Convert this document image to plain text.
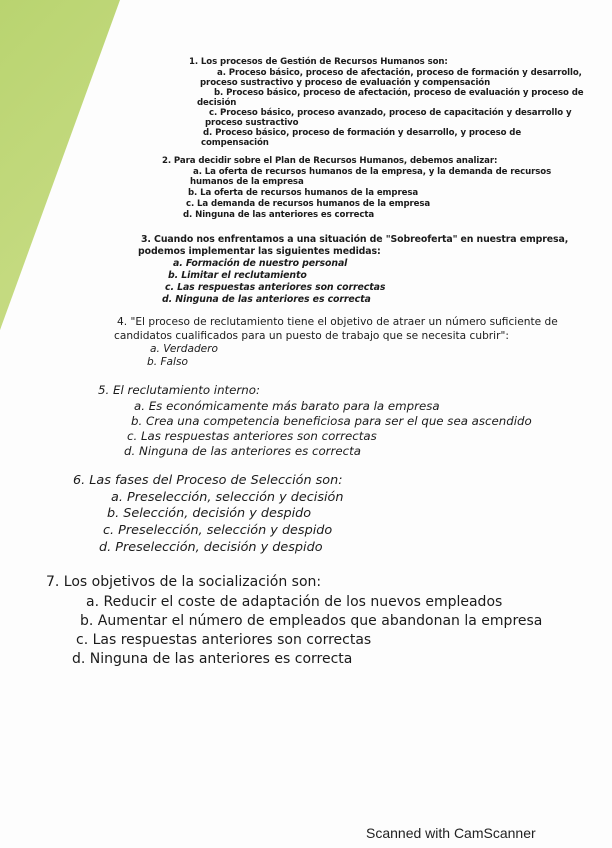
1. Los procesos de Gestión de Recursos Humanos son:
a. Proceso básico, proceso de afectación, proceso de formación y desarrollo,
proceso sustractivo y proceso de evaluación y compensación
b. Proceso básico, proceso de afectación, proceso de evaluación y proceso de
decisión
c. Proceso básico, proceso avanzado, proceso de capacitación y desarrollo y
proceso sustractivo
d. Proceso básico, proceso de formación y desarrollo, y proceso de
compensación
2. Para decidir sobre el Plan de Recursos Humanos, debemos analizar:
a. La oferta de recursos humanos de la empresa, y la demanda de recursos
humanos de la empresa
b. La oferta de recursos humanos de la empresa
c. La demanda de recursos humanos de la empresa
d. Ninguna de las anteriores es correcta
3. Cuando nos enfrentamos a una situación de "Sobreoferta" en nuestra empresa,
podemos implementar las siguientes medidas:
a. Formación de nuestro personal
b. Limitar el reclutamiento
c. Las respuestas anteriores son correctas
d. Ninguna de las anteriores es correcta
4. "El proceso de reclutamiento tiene el objetivo de atraer un número suficiente de
candidatos cualificados para un puesto de trabajo que se necesita cubrir":
a. Verdadero
b. Falso
5. El reclutamiento interno:
a. Es económicamente más barato para la empresa
b. Crea una competencia beneficiosa para ser el que sea ascendido
c. Las respuestas anteriores son correctas
d. Ninguna de las anteriores es correcta
6. Las fases del Proceso de Selección son:
a. Preselección, selección y decisión
b. Selección, decisión y despido
c. Preselección, selección y despido
d. Preselección, decisión y despido
7. Los objetivos de la socialización son:
a. Reducir el coste de adaptación de los nuevos empleados
b. Aumentar el número de empleados que abandonan la empresa
c. Las respuestas anteriores son correctas
d. Ninguna de las anteriores es correcta
Scanned with CamScanner
